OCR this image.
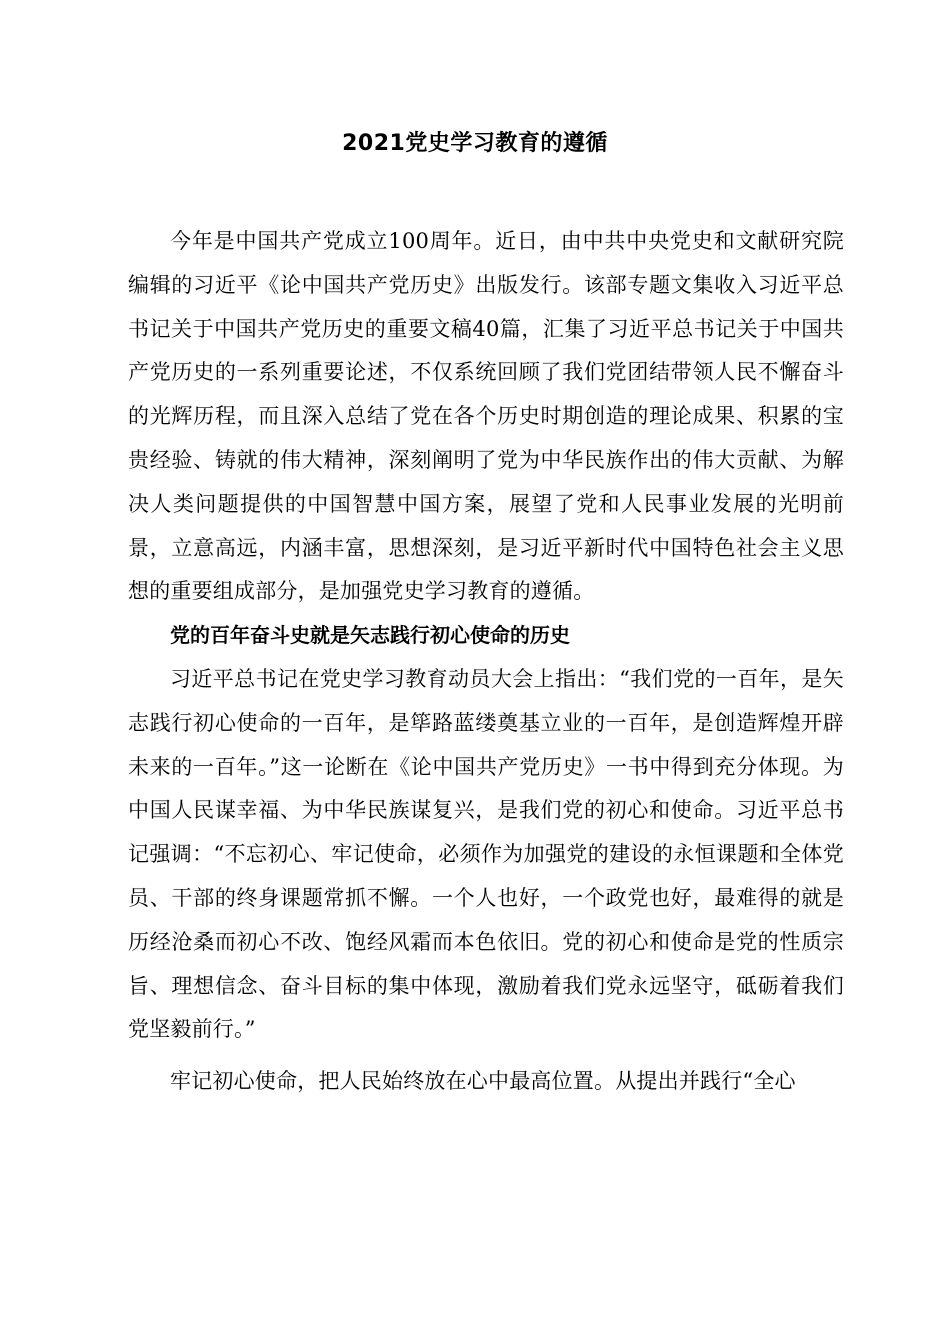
2021党史学习教育的遵循

今年是中国共产党成立100周年。近日，由中共中央党史和文献研究院编辑的习近平《论中国共产党历史》出版发行。该部专题文集收入习近平总书记关于中国共产党历史的重要文稿40篇，汇集了习近平总书记关于中国共产党历史的一系列重要论述，不仅系统回顾了我们党团结带领人民不懈奋斗的光辉历程，而且深入总结了党在各个历史时期创造的理论成果、积累的宝贵经验、铸就的伟大精神，深刻阐明了党为中华民族作出的伟大贡献、为解决人类问题提供的中国智慧中国方案，展望了党和人民事业发展的光明前景，立意高远，内涵丰富，思想深刻，是习近平新时代中国特色社会主义思想的重要组成部分，是加强党史学习教育的遵循。

党的百年奋斗史就是矢志践行初心使命的历史

习近平总书记在党史学习教育动员大会上指出：“我们党的一百年，是矢志践行初心使命的一百年，是筚路蓝缕奠基立业的一百年，是创造辉煌开辟未来的一百年。”这一论断在《论中国共产党历史》一书中得到充分体现。为中国人民谋幸福、为中华民族谋复兴，是我们党的初心和使命。习近平总书记强调：“不忘初心、牢记使命，必须作为加强党的建设的永恒课题和全体党员、干部的终身课题常抓不懈。一个人也好，一个政党也好，最难得的就是历经沧桑而初心不改、饱经风霜而本色依旧。党的初心和使命是党的性质宗旨、理想信念、奋斗目标的集中体现，激励着我们党永远坚守，砥砺着我们党坚毅前行。”

牢记初心使命，把人民始终放在心中最高位置。从提出并践行“全心
